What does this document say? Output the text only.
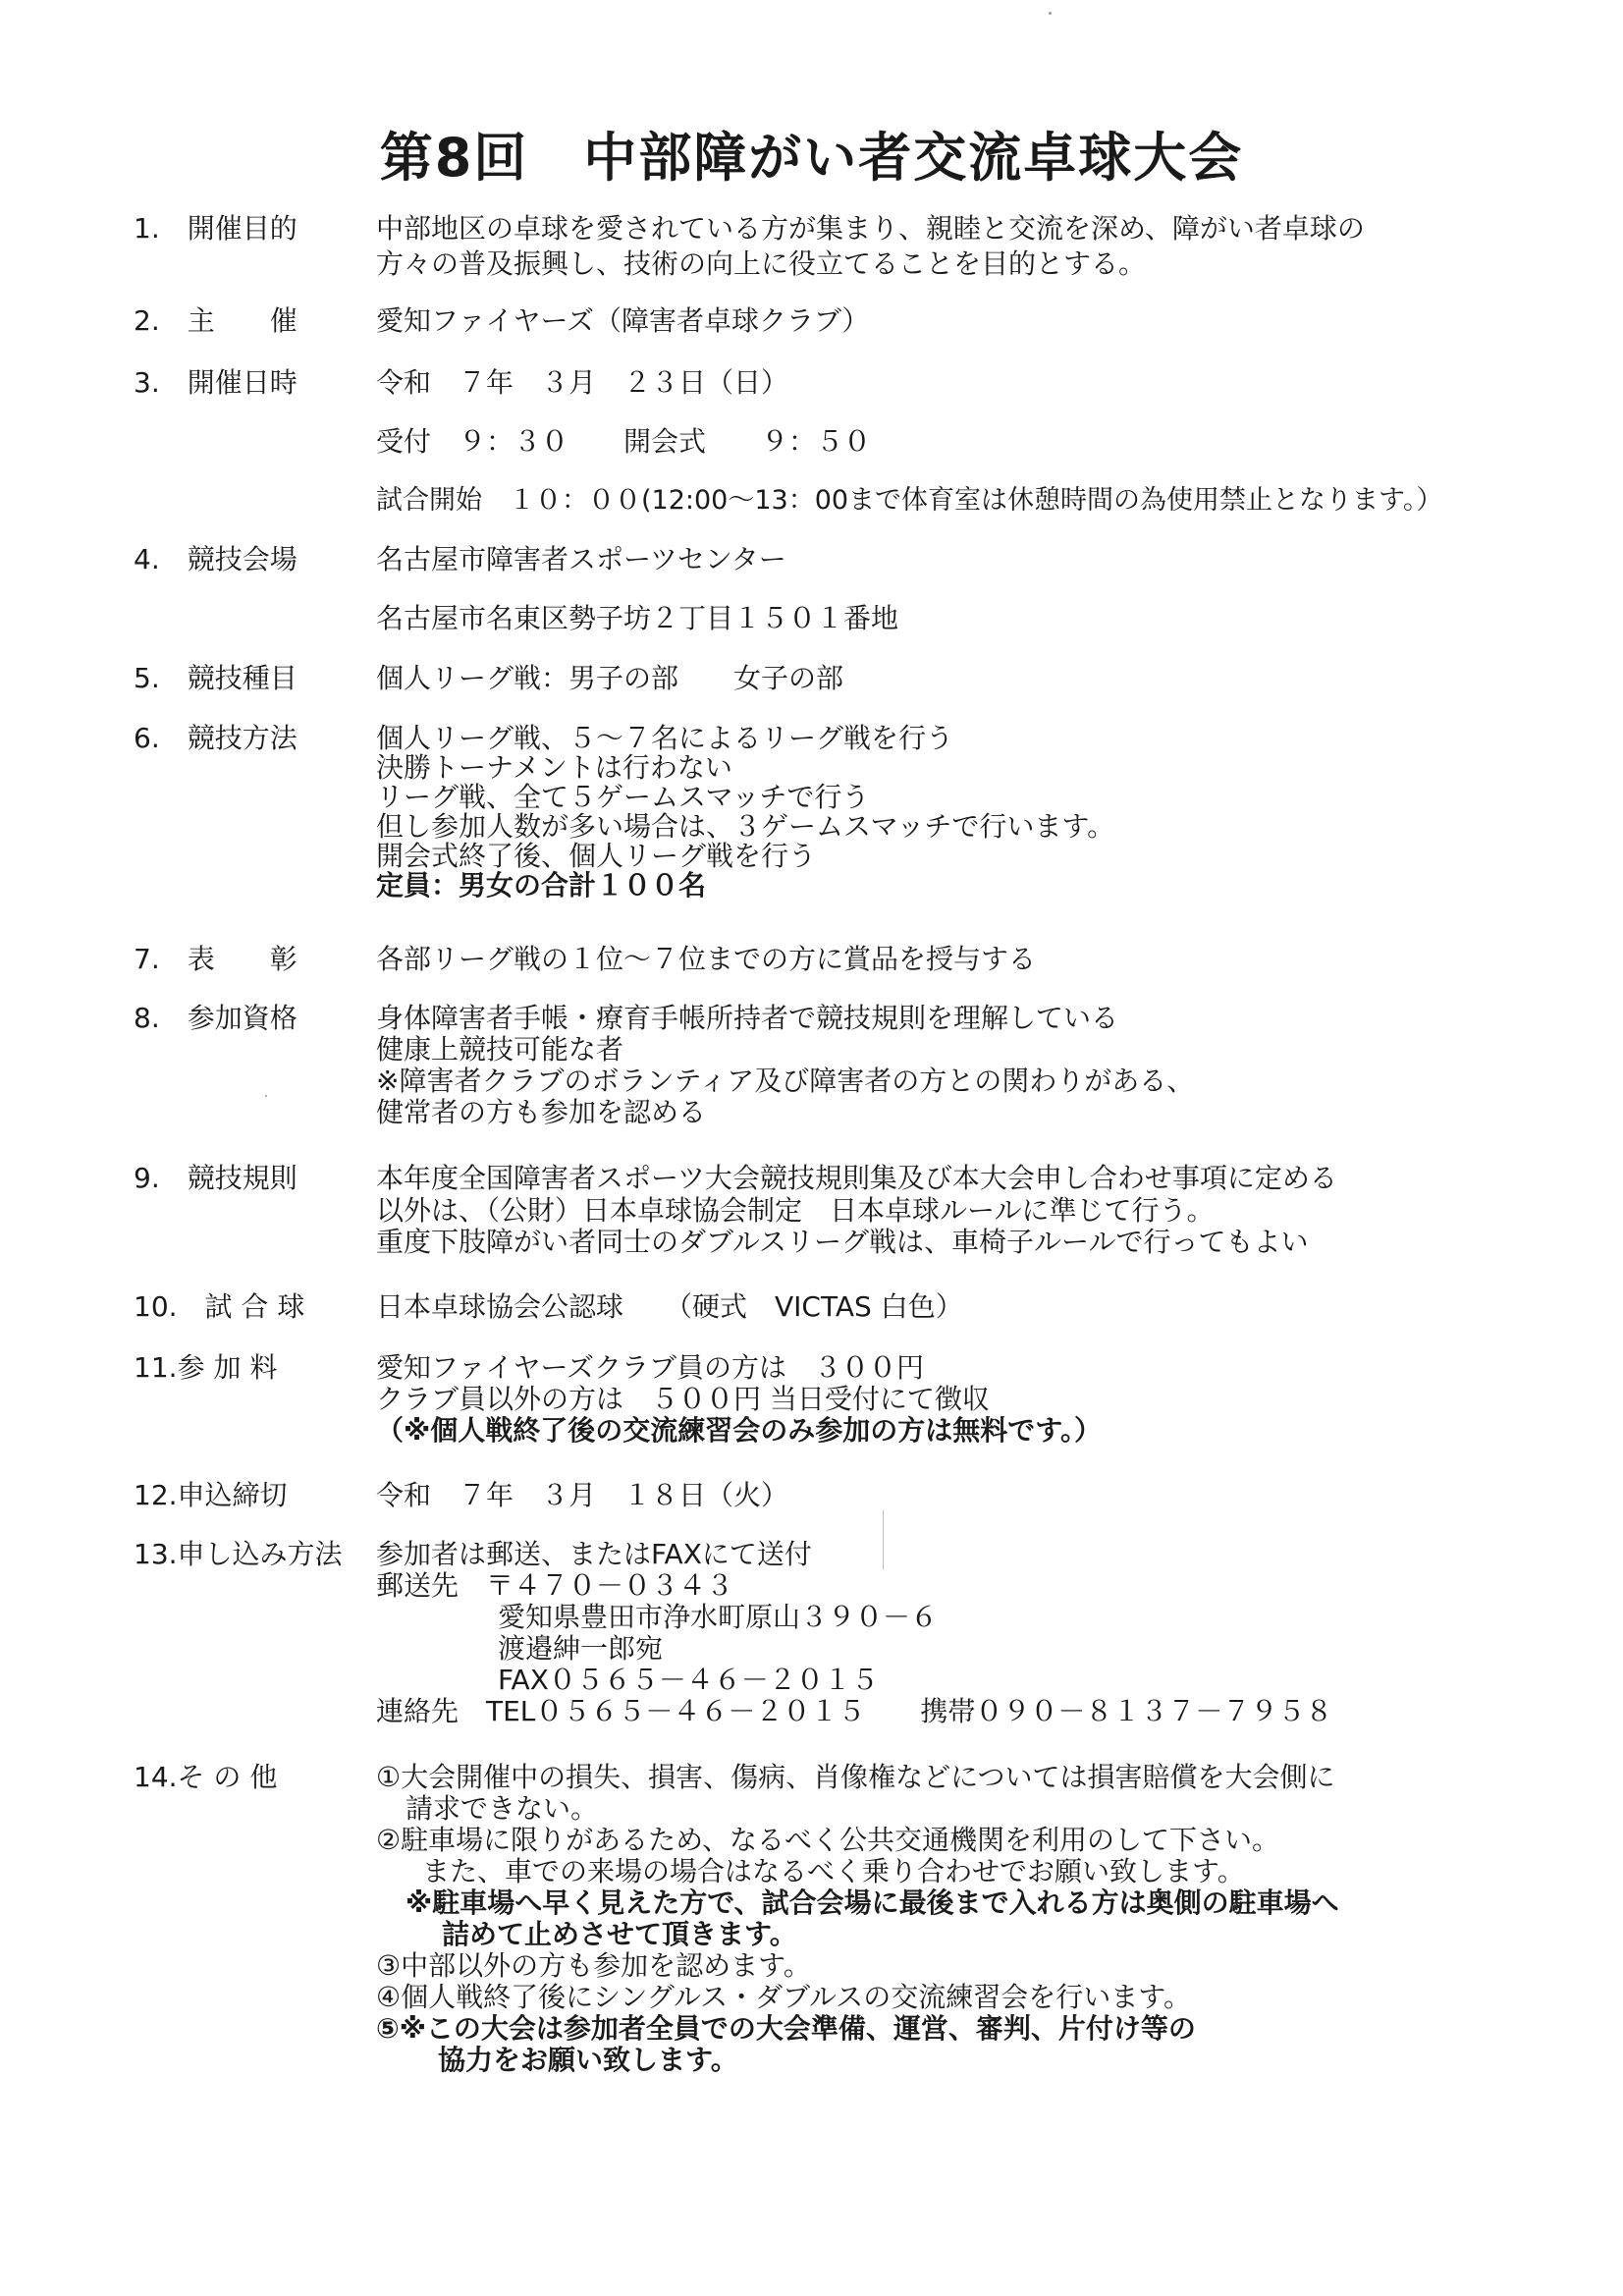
第8回　中部障がい者交流卓球大会
1.　開催目的	中部地区の卓球を愛されている方が集まり、親睦と交流を深め、障がい者卓球の
方々の普及振興し、技術の向上に役立てることを目的とする。
2.　主　　催	愛知ファイヤーズ（障害者卓球クラブ）
3.　開催日時	令和　７年　３月　２３日（日）
受付　９：３０　　開会式　　９：５０
試合開始　１０：００(12:00～13：00まで体育室は休憩時間の為使用禁止となります。）
4.　競技会場	名古屋市障害者スポーツセンター
名古屋市名東区勢子坊２丁目１５０１番地
5.　競技種目	個人リーグ戦：男子の部　　女子の部
6.　競技方法	個人リーグ戦、５～７名によるリーグ戦を行う
決勝トーナメントは行わない
リーグ戦、全て５ゲームスマッチで行う
但し参加人数が多い場合は、３ゲームスマッチで行います。
開会式終了後、個人リーグ戦を行う
定員：男女の合計１００名
7.　表　　彰	各部リーグ戦の１位～７位までの方に賞品を授与する
8.　参加資格	身体障害者手帳・療育手帳所持者で競技規則を理解している
健康上競技可能な者
※障害者クラブのボランティア及び障害者の方との関わりがある、
健常者の方も参加を認める
9.　競技規則	本年度全国障害者スポーツ大会競技規則集及び本大会申し合わせ事項に定める
以外は、（公財）日本卓球協会制定　日本卓球ルールに準じて行う。
重度下肢障がい者同士のダブルスリーグ戦は、車椅子ルールで行ってもよい
10.　試 合 球	日本卓球協会公認球　　（硬式　VICTAS 白色）
11.参 加 料	愛知ファイヤーズクラブ員の方は　３００円
クラブ員以外の方は　５００円 当日受付にて徴収
（※個人戦終了後の交流練習会のみ参加の方は無料です。）
12.申込締切	令和　７年　３月　１８日（火）
13.申し込み方法 参加者は郵送、またはFAXにて送付
郵送先　〒４７０－０３４３
愛知県豊田市浄水町原山３９０－６
渡邉紳一郎宛
FAX０５６５－４６－２０１５
連絡先　TEL０５６５－４６－２０１５　　携帯０９０－８１３７－７９５８
14.そ の 他	①大会開催中の損失、損害、傷病、肖像権などについては損害賠償を大会側に
請求できない。
②駐車場に限りがあるため、なるべく公共交通機関を利用のして下さい。
また、車での来場の場合はなるべく乗り合わせでお願い致します。
※駐車場へ早く見えた方で、試合会場に最後まで入れる方は奥側の駐車場へ
詰めて止めさせて頂きます。
③中部以外の方も参加を認めます。
④個人戦終了後にシングルス・ダブルスの交流練習会を行います。
⑤※この大会は参加者全員での大会準備、運営、審判、片付け等の
協力をお願い致します。
